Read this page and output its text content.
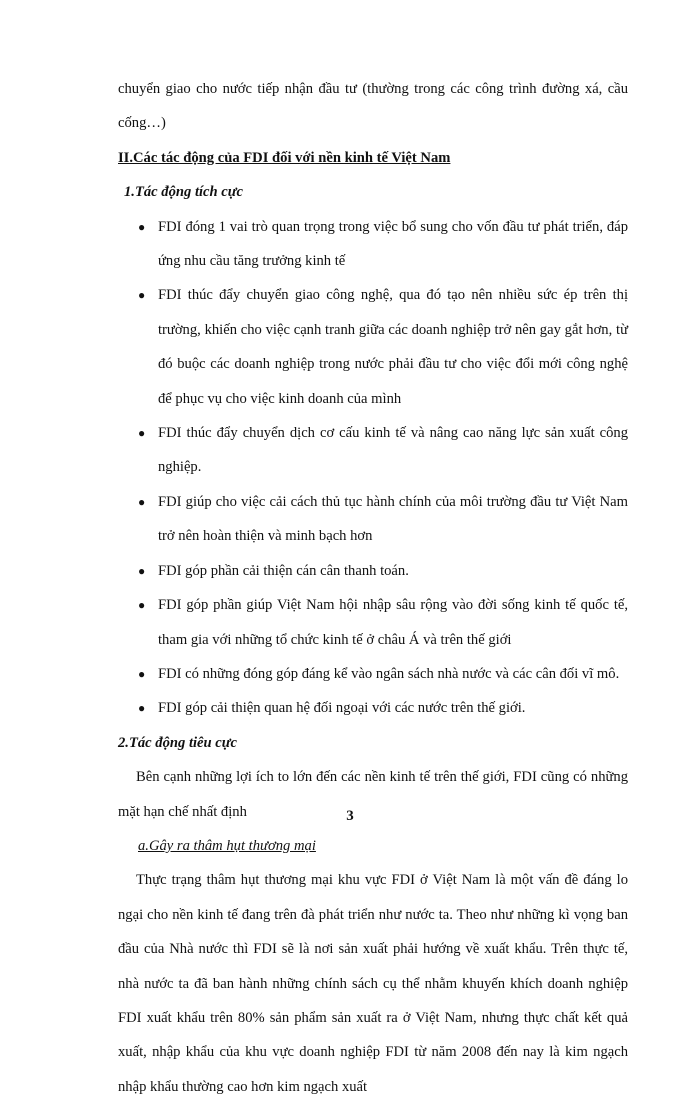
chuyển giao cho nước tiếp nhận đầu tư (thường trong các công trình đường xá, cầu cống…)

II.Các tác động của FDI đối với nền kinh tế Việt Nam

1.Tác động tích cực

● FDI đóng 1 vai trò quan trọng trong việc bổ sung cho vốn đầu tư phát triển, đáp ứng nhu cầu tăng trưởng kinh tế
● FDI thúc đẩy chuyển giao công nghệ, qua đó tạo nên nhiều sức ép trên thị trường, khiến cho việc cạnh tranh giữa các doanh nghiệp trở nên gay gắt hơn, từ đó buộc các doanh nghiệp trong nước phải đầu tư cho việc đổi mới công nghệ để phục vụ cho việc kinh doanh của mình
● FDI thúc đẩy chuyển dịch cơ cấu kinh tế và nâng cao năng lực sản xuất công nghiệp.
● FDI giúp cho việc cải cách thủ tục hành chính của môi trường đầu tư Việt Nam trở nên hoàn thiện và minh bạch hơn
● FDI góp phần cải thiện cán cân thanh toán.
● FDI góp phần giúp Việt Nam hội nhập sâu rộng vào đời sống kinh tế quốc tế, tham gia với những tổ chức kinh tế ở châu Á và trên thế giới
● FDI có những đóng góp đáng kể vào ngân sách nhà nước và các cân đối vĩ mô.
● FDI góp cải thiện quan hệ đối ngoại với các nước trên thế giới.

2.Tác động tiêu cực

Bên cạnh những lợi ích to lớn đến các nền kinh tế trên thế giới, FDI cũng có những mặt hạn chế nhất định

a.Gây ra thâm hụt thương mại

Thực trạng thâm hụt thương mại khu vực FDI ở Việt Nam là một vấn đề đáng lo ngại cho nền kinh tế đang trên đà phát triển như nước ta. Theo như những kì vọng ban đầu của Nhà nước thì FDI sẽ là nơi sản xuất phải hướng về xuất khẩu. Trên thực tế, nhà nước ta đã ban hành những chính sách cụ thể nhằm khuyến khích doanh nghiệp FDI xuất khẩu trên 80% sản phẩm sản xuất ra ở Việt Nam, nhưng thực chất kết quả xuất, nhập khẩu của khu vực doanh nghiệp FDI từ năm 2008 đến nay là kim ngạch nhập khẩu thường cao hơn kim ngạch xuất

3
